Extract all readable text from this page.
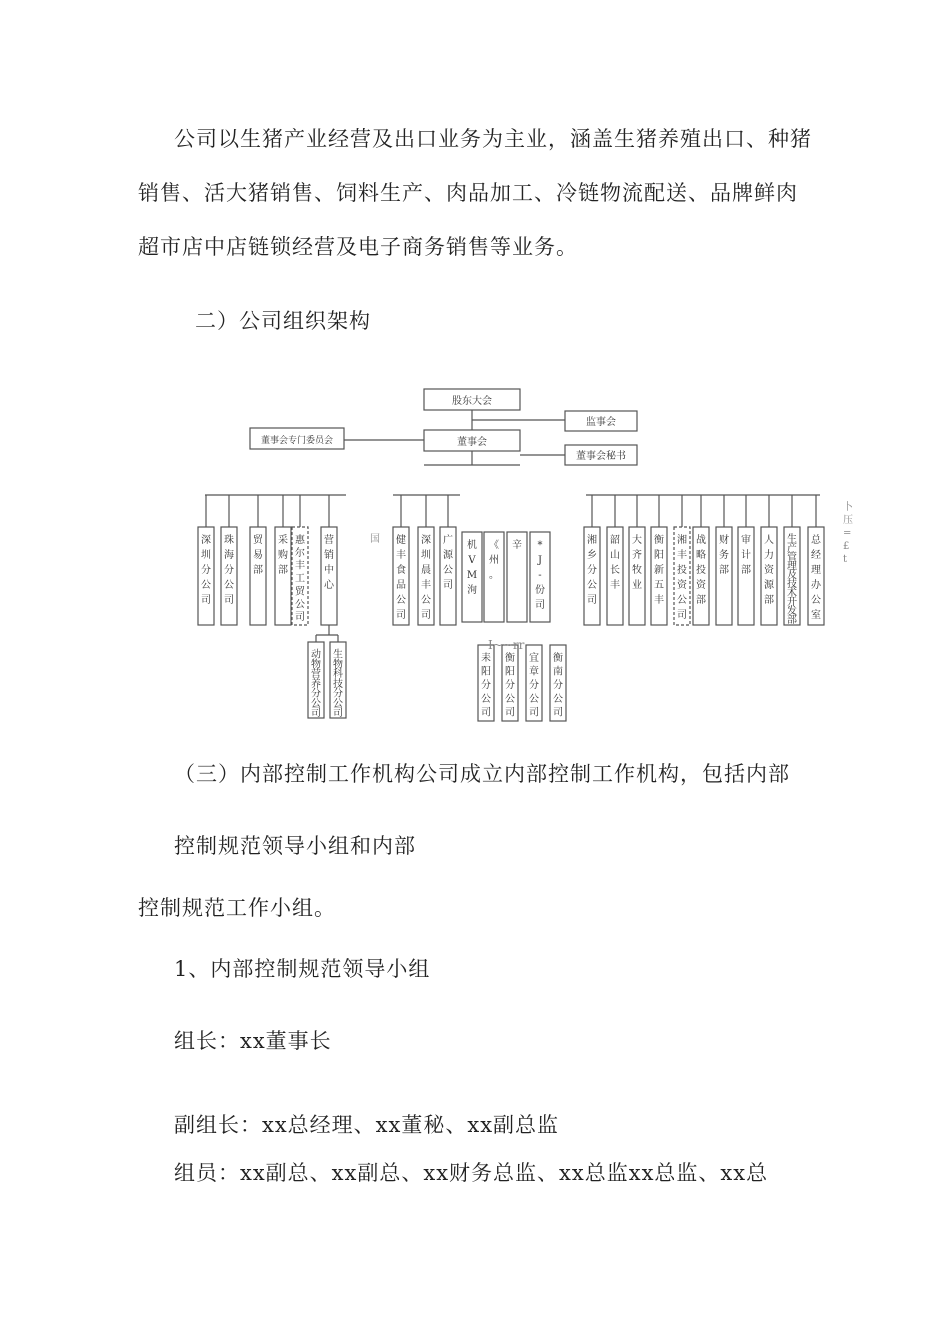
公司以生猪产业经营及出口业务为主业，涵盖生猪养殖出口、种猪销售、活大猪销售、饲料生产、肉品加工、冷链物流配送、品牌鲜肉超市店中店链锁经营及电子商务销售等业务。

二）公司组织架构

股东大会
监事会
董事会
董事会专门委员会
董事会秘书
深圳分公司
珠海分公司
贸易部
采购部
惠尔丰工贸公司
营销中心
动物营养分公司
生物科技分公司
健丰食品公司
深圳晨丰公司
广源公司
机 V M 洵
《州。
辛 * J -份司
耒阳分公司
衡阳分公司
宜章分公司
衡南分公司
湘乡分公司
韶山长丰
大齐牧业
衡阳新五丰
湘丰投资公司
战略投资部
财务部
审计部
人力资源部
生产管理及技术开发部
总经理办公室
国
I~~rr
卜压= £ t

（三）内部控制工作机构公司成立内部控制工作机构，包括内部

控制规范领导小组和内部

控制规范工作小组。

1、内部控制规范领导小组

组长：xx董事长

副组长：xx总经理、xx董秘、xx副总监

组员：xx副总、xx副总、xx财务总监、xx总监xx总监、xx总
